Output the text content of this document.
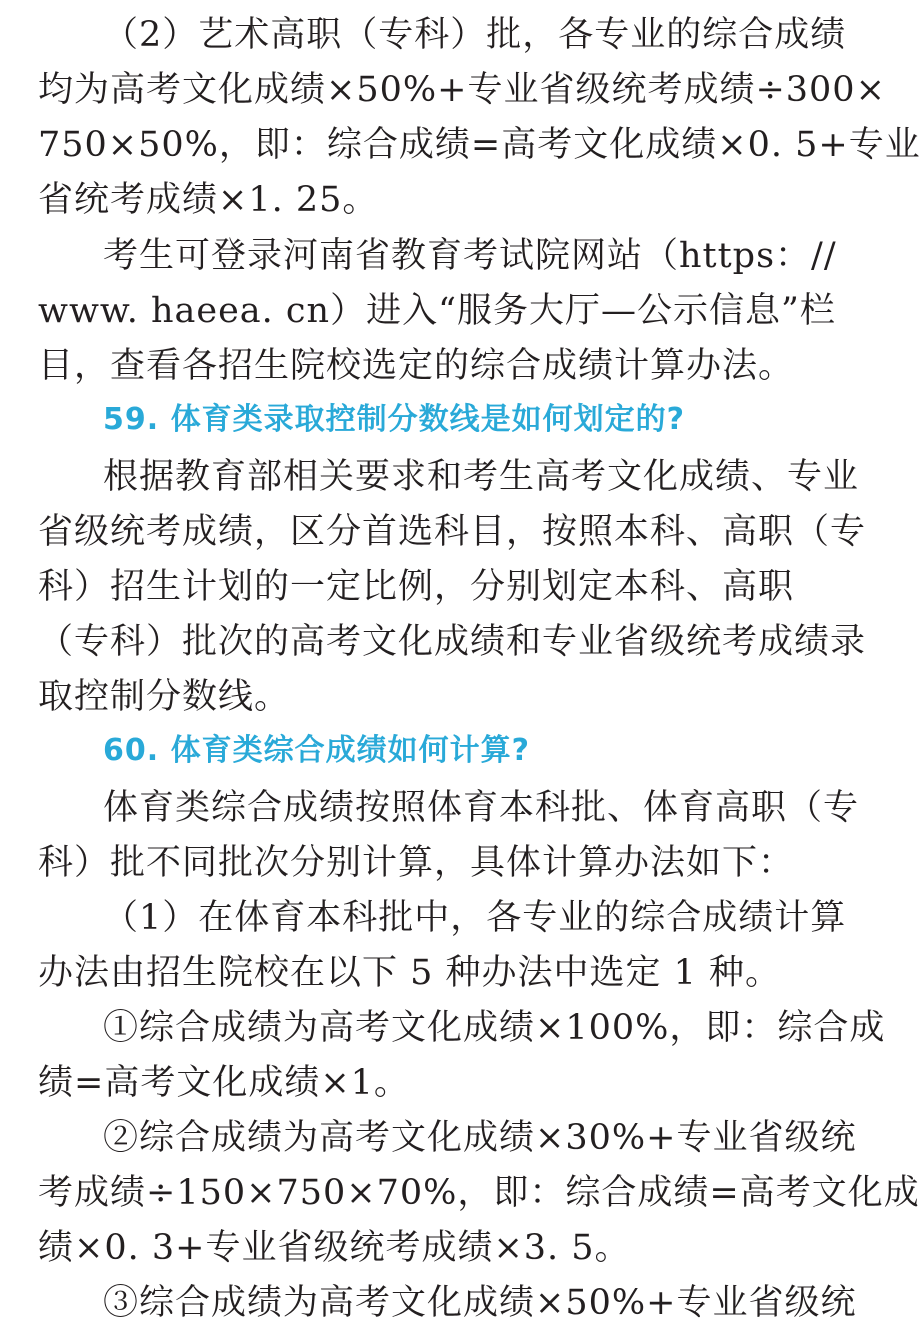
（2）艺术高职（专科）批，各专业的综合成绩
均为高考文化成绩×50%+专业省级统考成绩÷300×
750×50%，即：综合成绩=高考文化成绩×0. 5+专业
省统考成绩×1. 25。
考生可登录河南省教育考试院网站（https：//
www. haeea. cn）进入“服务大厅—公示信息”栏
目，查看各招生院校选定的综合成绩计算办法。
59. 体育类录取控制分数线是如何划定的?
根据教育部相关要求和考生高考文化成绩、专业
省级统考成绩，区分首选科目，按照本科、高职（专
科）招生计划的一定比例，分别划定本科、高职
（专科）批次的高考文化成绩和专业省级统考成绩录
取控制分数线。
60. 体育类综合成绩如何计算?
体育类综合成绩按照体育本科批、体育高职（专
科）批不同批次分别计算，具体计算办法如下：
（1）在体育本科批中，各专业的综合成绩计算
办法由招生院校在以下 5 种办法中选定 1 种。
①综合成绩为高考文化成绩×100%，即：综合成
绩=高考文化成绩×1。
②综合成绩为高考文化成绩×30%+专业省级统
考成绩÷150×750×70%，即：综合成绩=高考文化成
绩×0. 3+专业省级统考成绩×3. 5。
③综合成绩为高考文化成绩×50%+专业省级统
